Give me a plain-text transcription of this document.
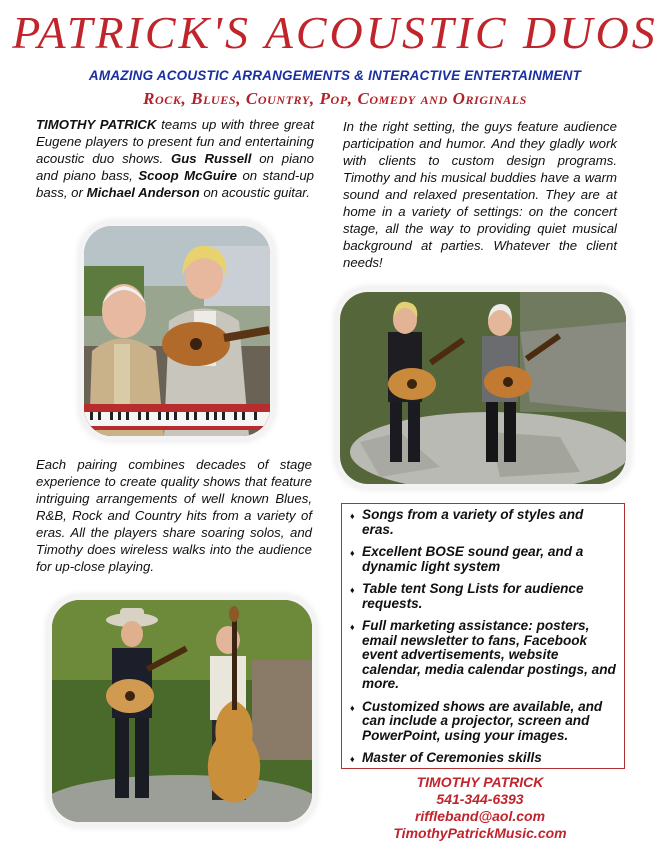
PATRICK'S ACOUSTIC DUOS
AMAZING ACOUSTIC ARRANGEMENTS & INTERACTIVE ENTERTAINMENT
Rock, Blues, Country, Pop, Comedy and Originals
TIMOTHY PATRICK teams up with three great Eugene players to present fun and entertaining acoustic duo shows. Gus Russell on piano and piano bass, Scoop McGuire on stand-up bass, or Michael Anderson on acoustic guitar.
In the right setting, the guys feature audience participation and humor. And they gladly work with clients to custom design programs. Timothy and his musical buddies have a warm sound and relaxed presentation. They are at home in a variety of settings: on the concert stage, all the way to providing quiet musical background at parties. Whatever the client needs!
Each pairing combines decades of stage experience to create quality shows that feature intriguing arrangements of well known Blues, R&B, Rock and Country hits from a variety of eras. All the players share soaring solos, and Timothy does wireless walks into the audience for up-close playing.
♦ Songs from a variety of styles and eras.
♦ Excellent BOSE sound gear, and a dynamic light system
♦ Table tent Song Lists for audience requests.
♦ Full marketing assistance: posters, email newsletter to fans, Facebook event advertisements, website calendar, media calendar postings, and more.
♦ Customized shows are available, and can include a projector, screen and PowerPoint, using your images.
♦ Master of Ceremonies skills
TIMOTHY PATRICK
541-344-6393
riffleband@aol.com
TimothyPatrickMusic.com
